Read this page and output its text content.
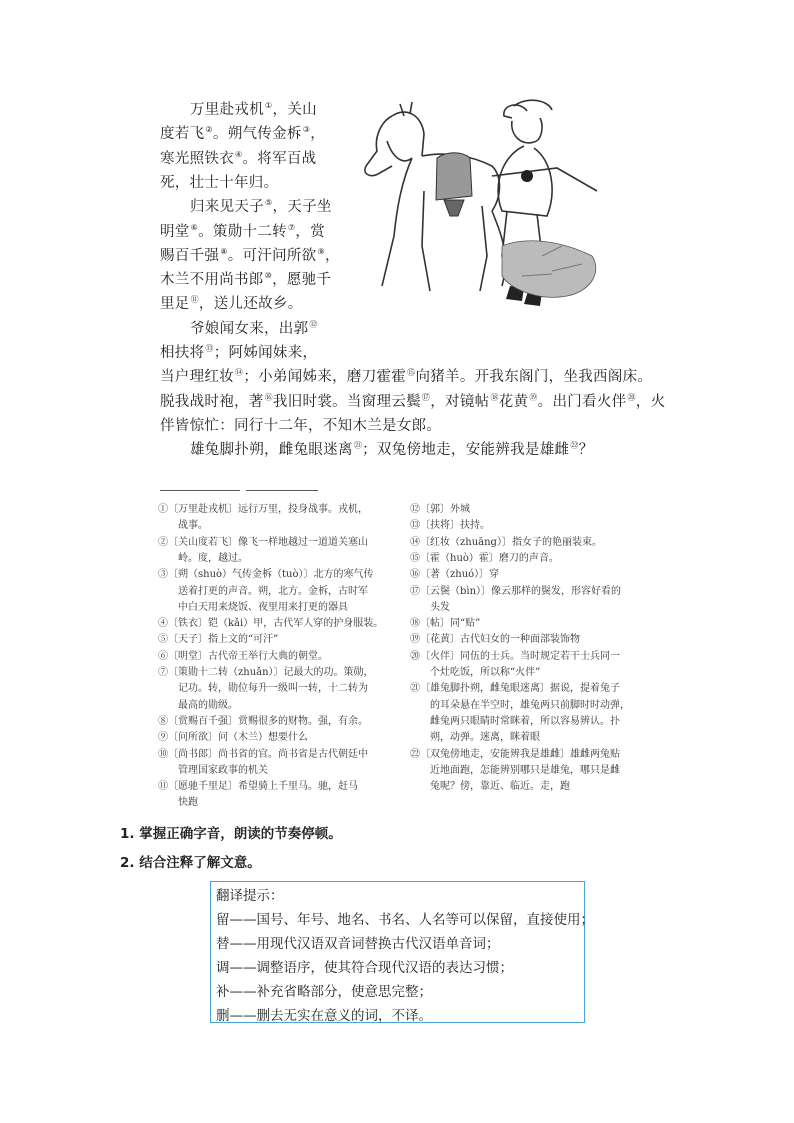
万里赴戎机①，关山
度若飞②。朔气传金柝③，
寒光照铁衣④。将军百战
死，壮士十年归。
归来见天子⑤，天子坐
明堂⑥。策勋十二转⑦，赏
赐百千强⑧。可汗问所欲⑨，
木兰不用尚书郎⑩，愿驰千
里足⑪，送儿还故乡。
爷娘闻女来，出郭⑫
相扶将⑬；阿姊闻妹来，
当户理红妆⑭；小弟闻姊来，磨刀霍霍⑮向猪羊。开我东阁门，坐我西阁床。
脱我战时袍，著⑯我旧时裳。当窗理云鬓⑰，对镜帖⑱花黄⑲。出门看火伴⑳，火
伴皆惊忙：同行十二年，不知木兰是女郎。
雄兔脚扑朔，雌兔眼迷离$^㉑$；双兔傍地走，安能辨我是雄雌$^㉒$？
①〔万里赴戎机〕远行万里，投身战事。戎机，
　　战事。
②〔关山度若飞〕像飞一样地越过一道道关塞山
　　岭。度，越过。
③〔朔（shuò）气传金柝（tuò）〕北方的寒气传
　　送着打更的声音。朔，北方。金柝，古时军
　　中白天用来烧饭、夜里用来打更的器具
④〔铁衣〕铠（kǎi）甲，古代军人穿的护身服装。
⑤〔天子〕指上文的“可汗”
⑥〔明堂〕古代帝王举行大典的朝堂。
⑦〔策勋十二转（zhuǎn）〕记最大的功。策勋，
　　记功。转，勋位每升一级叫一转，十二转为
　　最高的勋级。
⑧〔赏赐百千强〕赏赐很多的财物。强，有余。
⑨〔问所欲〕问（木兰）想要什么
⑩〔尚书郎〕尚书省的官。尚书省是古代朝廷中
　　管理国家政事的机关
⑪〔愿驰千里足〕希望骑上千里马。驰，赶马
　　快跑
⑫〔郭〕外城
⑬〔扶将〕扶持。
⑭〔红妆（zhuāng）〕指女子的艳丽装束。
⑮〔霍（huò）霍〕磨刀的声音。
⑯〔著（zhuó）〕穿
⑰〔云鬓（bìn）〕像云那样的鬓发，形容好看的
　　头发
⑱〔帖〕同“贴”
⑲〔花黄〕古代妇女的一种面部装饰物
⑳〔火伴〕同伍的士兵。当时规定若干士兵同一
　　个灶吃饭，所以称“火伴”
㉑〔雄兔脚扑朔，雌兔眼迷离〕据说，提着兔子
　　的耳朵悬在半空时，雄兔两只前脚时时动弹，
　　雌兔两只眼睛时常眯着，所以容易辨认。扑
　　朔，动弹。迷离，眯着眼
㉒〔双兔傍地走，安能辨我是雄雌〕雄雌两兔贴
　　近地面跑，怎能辨别哪只是雄兔，哪只是雌
　　兔呢？傍，靠近、临近。走，跑
1. 掌握正确字音，朗读的节奏停顿。
2. 结合注释了解文意。
翻译提示：
留——国号、年号、地名、书名、人名等可以保留，直接使用；
替——用现代汉语双音词替换古代汉语单音词；
调——调整语序，使其符合现代汉语的表达习惯；
补——补充省略部分，使意思完整；
删——删去无实在意义的词，不译。
